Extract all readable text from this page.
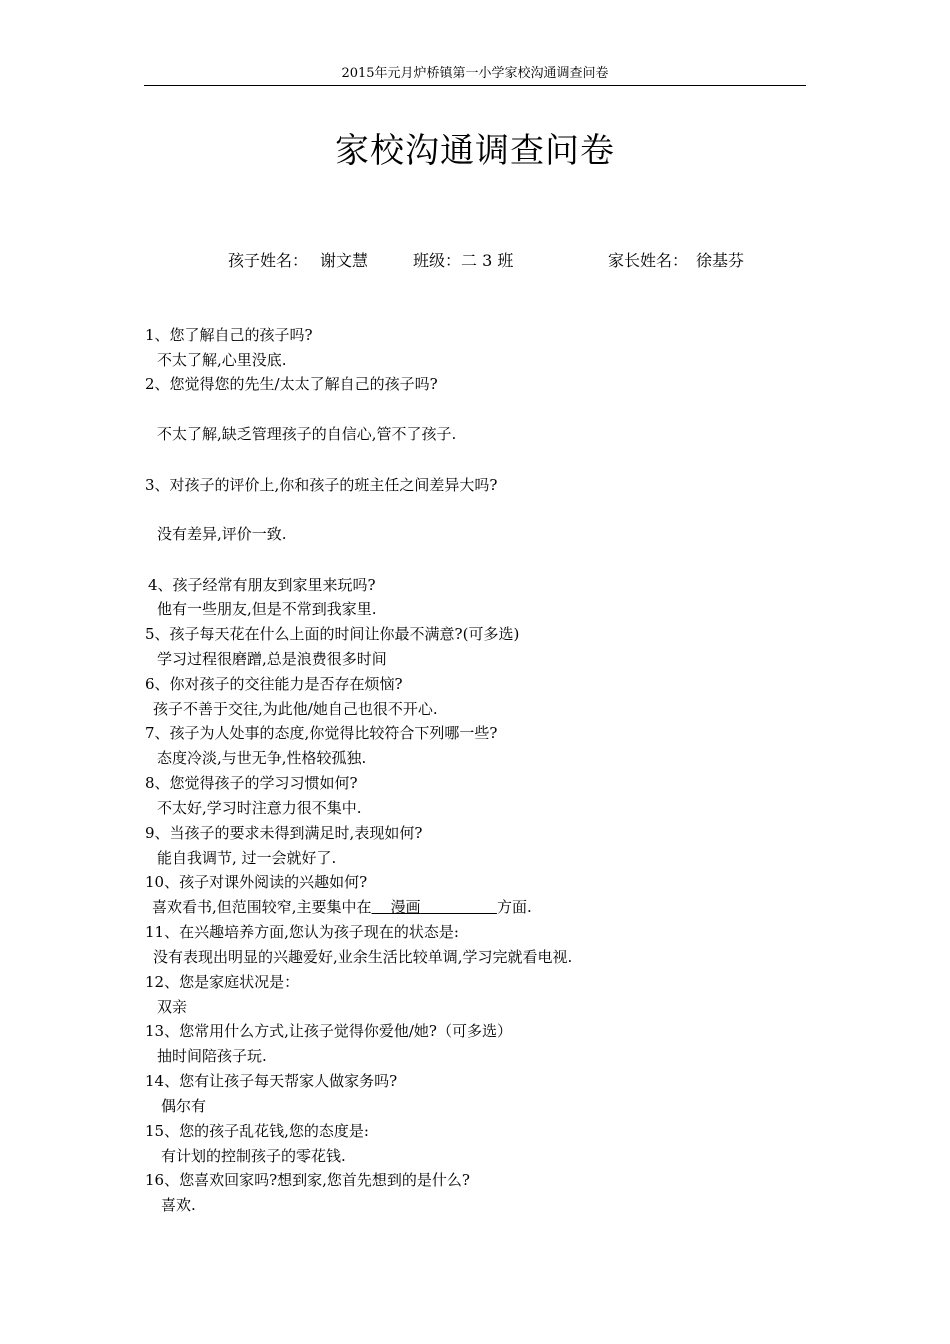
2015年元月炉桥镇第一小学家校沟通调查问卷
家校沟通调查问卷
孩子姓名： 谢文慧	班级：二 3 班	家长姓名： 徐基芬
1、您了解自己的孩子吗?
不太了解,心里没底.
2、您觉得您的先生/太太了解自己的孩子吗?
不太了解,缺乏管理孩子的自信心,管不了孩子.
3、对孩子的评价上,你和孩子的班主任之间差异大吗?
没有差异,评价一致.
4、孩子经常有朋友到家里来玩吗?
他有一些朋友,但是不常到我家里.
5、孩子每天花在什么上面的时间让你最不满意?(可多选)
学习过程很磨蹭,总是浪费很多时间
6、你对孩子的交往能力是否存在烦恼?
孩子不善于交往,为此他/她自己也很不开心.
7、孩子为人处事的态度,你觉得比较符合下列哪一些?
态度冷淡,与世无争,性格较孤独.
8、您觉得孩子的学习习惯如何?
不太好,学习时注意力很不集中.
9、当孩子的要求未得到满足时,表现如何?
能自我调节, 过一会就好了.
10、孩子对课外阅读的兴趣如何?
喜欢看书,但范围较窄,主要集中在 漫画	方面.
11、在兴趣培养方面,您认为孩子现在的状态是:
没有表现出明显的兴趣爱好,业余生活比较单调,学习完就看电视.
12、您是家庭状况是：
双亲
13、您常用什么方式,让孩子觉得你爱他/她?（可多选）
抽时间陪孩子玩.
14、您有让孩子每天帮家人做家务吗?
偶尔有
15、您的孩子乱花钱,您的态度是:
有计划的控制孩子的零花钱.
16、您喜欢回家吗?想到家,您首先想到的是什么?
喜欢.
